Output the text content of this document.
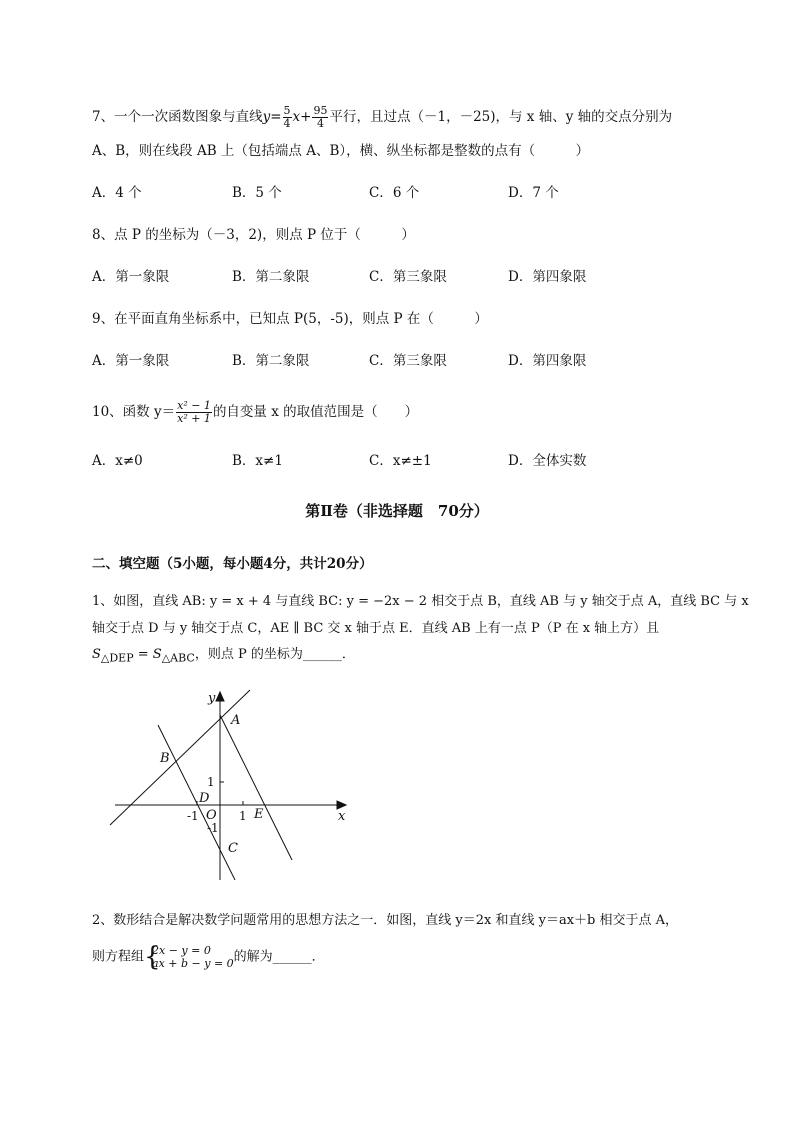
7、一个一次函数图象与直线$y= \frac{5}{4} x+ \frac{95}{4}$ 平行，且过点（－1，－25)，与 x 轴、y 轴的交点分别为
A、B，则在线段 AB 上（包括端点 A、B），横、纵坐标都是整数的点有（　　　）
A．4 个	B．5 个	C．6 个	D．7 个
8、点 P 的坐标为（－3，2)，则点 P 位于（　　　）
A．第一象限	B．第二象限	C．第三象限	D．第四象限
9、在平面直角坐标系中，已知点 P(5，-5)，则点 P 在（　　　）
A．第一象限	B．第二象限	C．第三象限	D．第四象限
10、函数 $y= \frac{\text{x² − 1}}{\text{x² + 1}}$ 的自变量 x 的取值范围是（　　）
A．x≠0	B．x≠1	C．x≠±1	D．全体实数
第Ⅱ卷（非选择题　70分）
二、填空题（5小题，每小题4分，共计20分）
1、如图，直线 AB: y = x + 4 与直线 BC: y = −2x − 2 相交于点 B，直线 AB 与 y 轴交于点 A，直线 BC 与 x
轴交于点 D 与 y 轴交于点 C，AE ∥ BC 交 x 轴于点 E．直线 AB 上有一点 P（P 在 x 轴上方）且
$S_{\triangle DEP} = S_{\triangle ABC}$，则点 P 的坐标为______．
y
x
A
B
C
D
E
O 1
1
-1
-1
2、数形结合是解决数学问题常用的思想方法之一．如图，直线 y＝2x 和直线 y＝ax＋b 相交于点 A，
则方程组 {
2x − y = 0
ax + b − y = 0 的解为______．
